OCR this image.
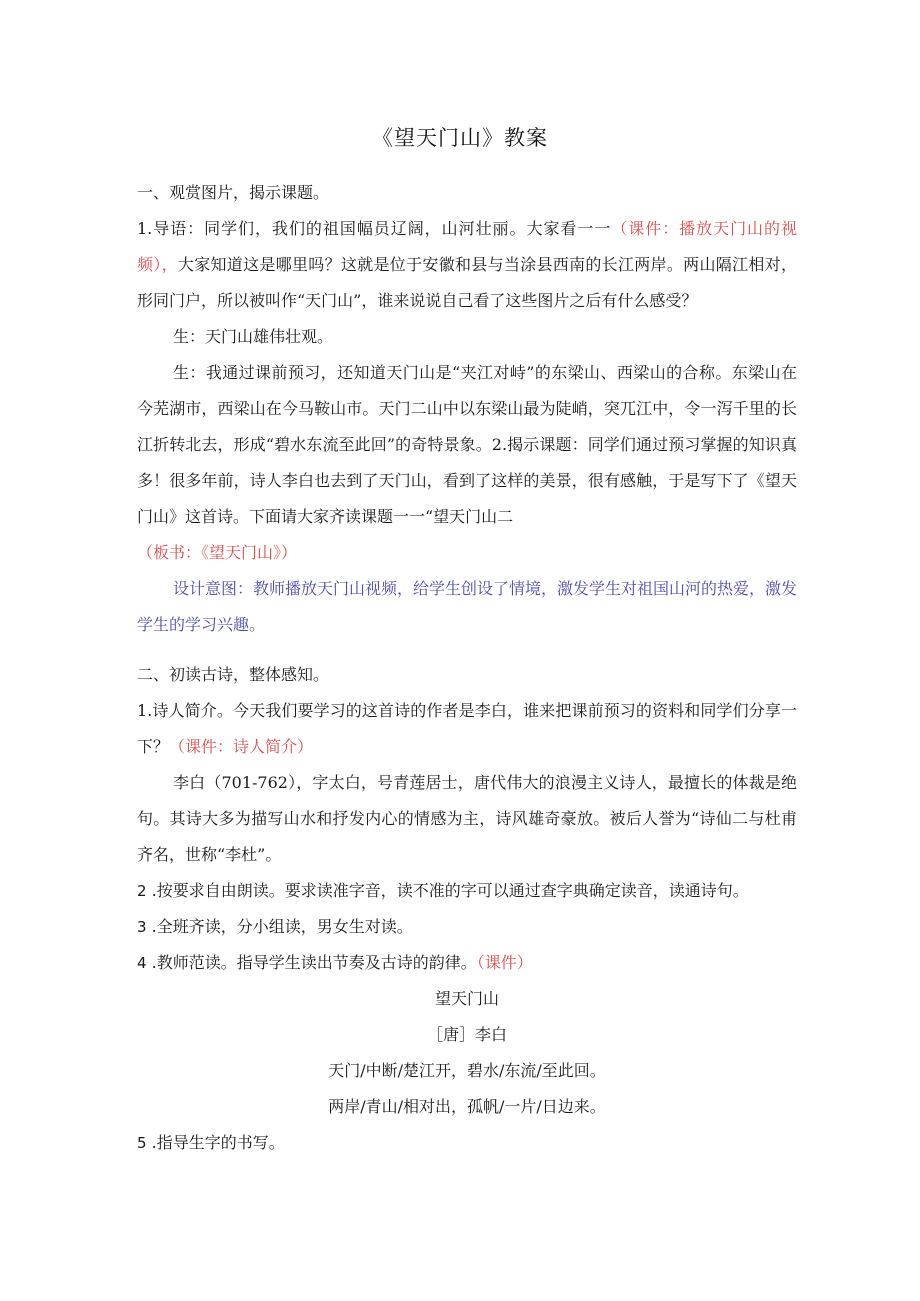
《望天门山》教案

一、观赏图片，揭示课题。

1.导语：同学们，我们的祖国幅员辽阔，山河壮丽。大家看一一（课件：播放天门山的视频），大家知道这是哪里吗？这就是位于安徽和县与当涂县西南的长江两岸。两山隔江相对，形同门户，所以被叫作“天门山”，谁来说说自己看了这些图片之后有什么感受？

生：天门山雄伟壮观。

生：我通过课前预习，还知道天门山是“夹江对峙”的东梁山、西梁山的合称。东梁山在今芜湖市，西梁山在今马鞍山市。天门二山中以东梁山最为陡峭，突兀江中，令一泻千里的长江折转北去，形成“碧水东流至此回”的奇特景象。2.揭示课题：同学们通过预习掌握的知识真多！很多年前，诗人李白也去到了天门山，看到了这样的美景，很有感触，于是写下了《望天门山》这首诗。下面请大家齐读课题一一“望天门山二
（板书：《望天门山》）

设计意图：教师播放天门山视频，给学生创设了情境，激发学生对祖国山河的热爱，激发学生的学习兴趣。

二、初读古诗，整体感知。

1.诗人简介。今天我们要学习的这首诗的作者是李白，谁来把课前预习的资料和同学们分享一下？（课件：诗人简介）

李白（701-762），字太白，号青莲居士，唐代伟大的浪漫主义诗人，最擅长的体裁是绝句。其诗大多为描写山水和抒发内心的情感为主，诗风雄奇豪放。被后人誉为“诗仙二与杜甫齐名，世称“李杜”。

2 .按要求自由朗读。要求读准字音，读不准的字可以通过查字典确定读音，读通诗句。

3 .全班齐读，分小组读，男女生对读。

4 .教师范读。指导学生读出节奏及古诗的韵律。（课件）

望天门山

［唐］李白

天门/中断/楚江开，碧水/东流/至此回。

两岸/青山/相对出，孤帆/一片/日边来。

5 .指导生字的书写。
